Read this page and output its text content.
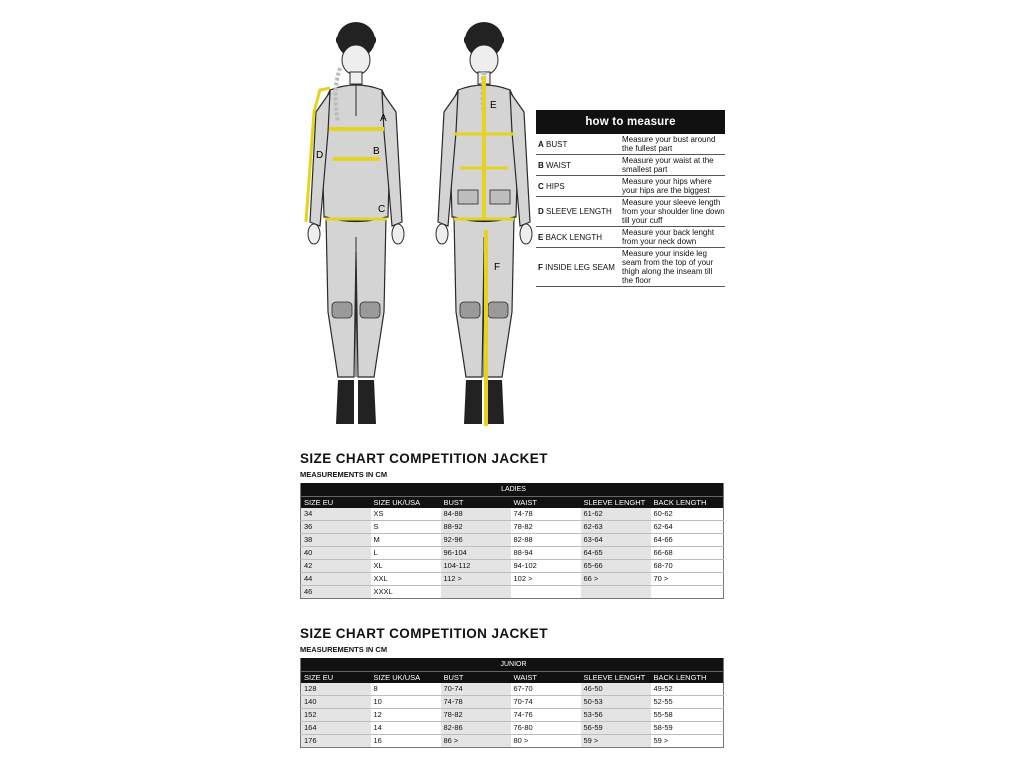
A
B
C
D
E
F
how to measure
A BUST	Measure your bust around the fullest part
B WAIST	Measure your waist at the smallest part
C HIPS	Measure your hips where your hips are the biggest
D SLEEVE LENGTH
Measure your sleeve length from your shoulder line down till your cuff
E BACK LENGTH	Measure your back lenght from your neck down
F INSIDE LEG SEAM
Measure your inside leg seam from the top of your thigh along the inseam till the floor
SIZE CHART COMPETITION JACKET
MEASUREMENTS IN CM
LADIES					
SIZE EU	SIZE UK/USA	BUST	WAIST	SLEEVE LENGHT	BACK LENGTH
34	XS	84-88	74-78	61-62	60-62
36	S	88-92	78-82	62-63	62-64
38	M	92-96	82-88	63-64	64-66
40	L	96-104	88-94	64-65	66-68
42	XL	104-112	94-102	65-66	68-70
44	XXL	112 >	102 >	66 >	70 >
46	XXXL				
SIZE CHART COMPETITION JACKET
MEASUREMENTS IN CM
JUNIOR					
SIZE EU	SIZE UK/USA	BUST	WAIST	SLEEVE LENGHT	BACK LENGTH
128	8	70-74	67-70	46-50	49-52
140	10	74-78	70-74	50-53	52-55
152	12	78-82	74-76	53-56	55-58
164	14	82-86	76-80	56-59	58-59
176	16	86 >	80 >	59 >	59 >
